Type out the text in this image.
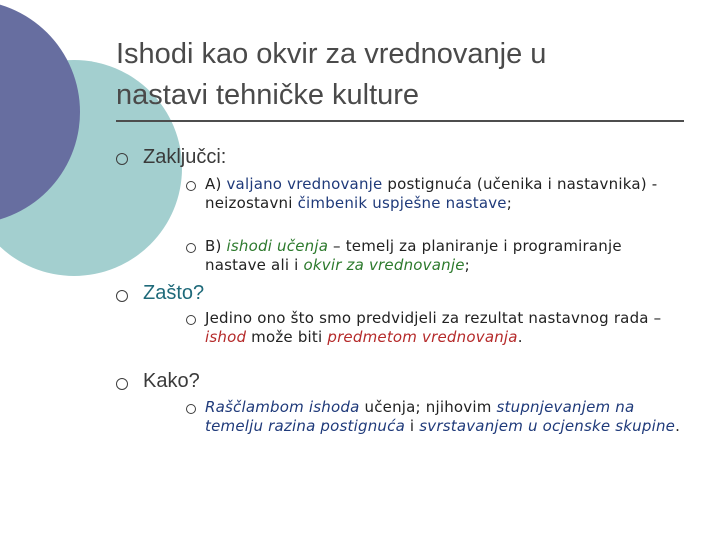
Ishodi kao okvir za vrednovanje u
nastavi tehničke kulture
Zaključci:
A) valjano vrednovanje postignuća (učenika i nastavnika) - neizostavni čimbenik uspješne nastave;
B) ishodi učenja – temelj za planiranje i programiranje nastave ali i okvir za vrednovanje;
Zašto?
Jedino ono što smo predvidjeli za rezultat nastavnog rada – ishod može biti predmetom vrednovanja.
Kako?
Raščlambom ishoda učenja; njihovim stupnjevanjem na temelju razina postignuća i svrstavanjem u ocjenske skupine.
